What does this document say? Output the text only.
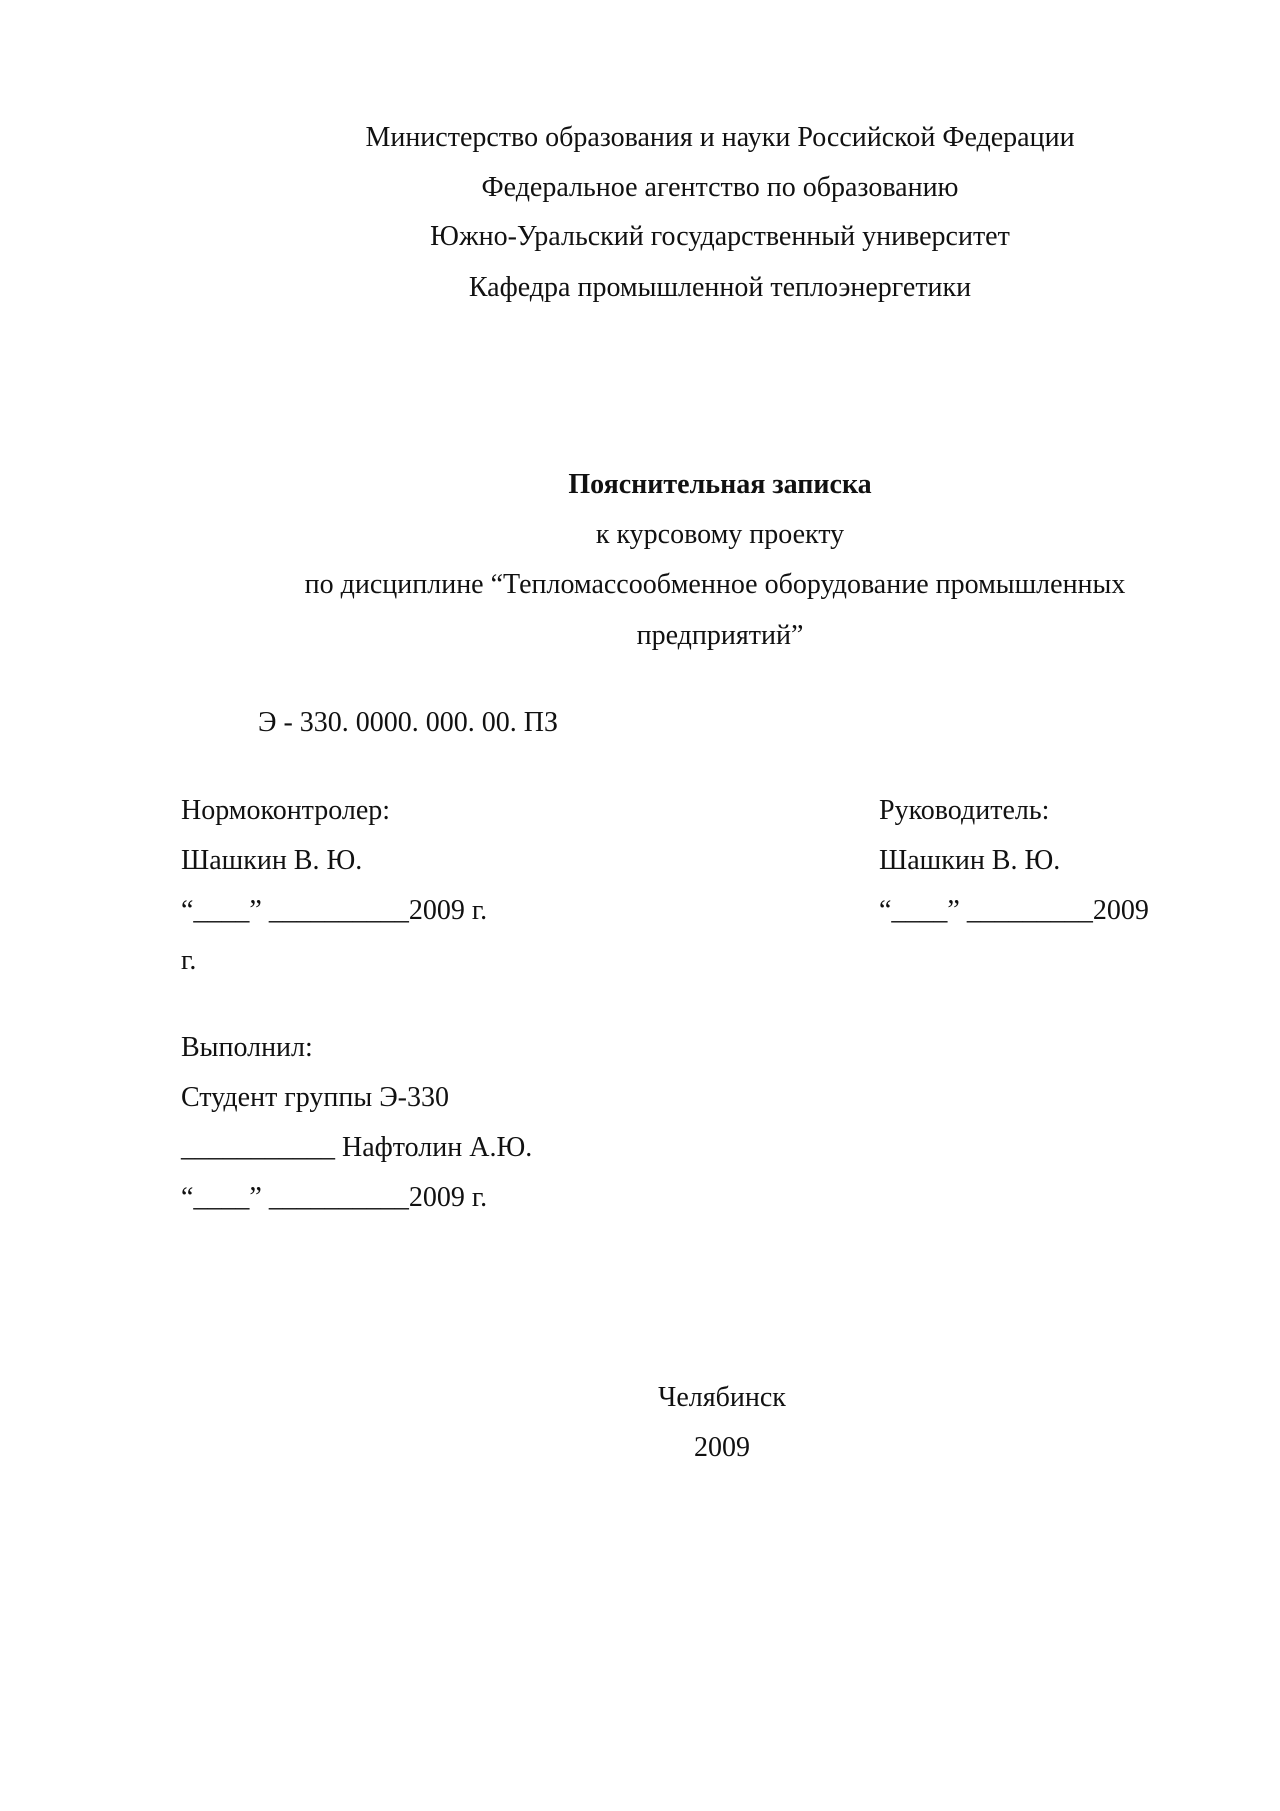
Министерство образования и науки Российской Федерации
Федеральное агентство по образованию
Южно-Уральский государственный университет
Кафедра промышленной теплоэнергетики
Пояснительная записка
к курсовому проекту
по дисциплине “Тепломассообменное оборудование промышленных
предприятий”
Э - 330. 0000. 000. 00. ПЗ
Нормоконтролер:
Шашкин В. Ю.
“____” __________2009 г.
г.
Руководитель:
Шашкин В. Ю.
“____” _________2009
Выполнил:
Студент группы Э-330
___________ Нафтолин А.Ю.
“____” __________2009 г.
Челябинск
2009
